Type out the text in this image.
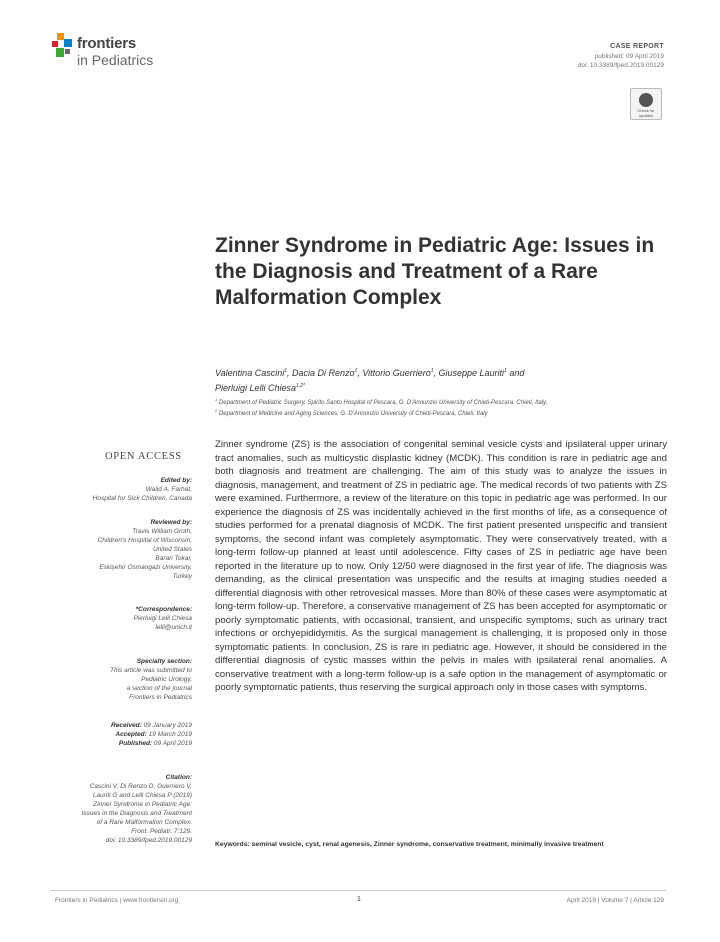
frontiers
in Pediatrics
CASE REPORT
published: 09 April 2019
doi: 10.3389/fped.2019.00129
Check for updates
Zinner Syndrome in Pediatric Age: Issues in the Diagnosis and Treatment of a Rare Malformation Complex
Valentina Cascini$^1$, Dacia Di Renzo$^1$, Vittorio Guerriero$^1$, Giuseppe Lauriti$^1$ and
Pierluigi Lelli Chiesa$^{1,2*}$
$^1$ Department of Pediatric Surgery, Spirito Santo Hospital of Pescara, G. D'Annunzio University of Chieti-Pescara, Chieti, Italy,
$^2$ Department of Medicine and Aging Sciences, G. D'Annunzio University of Chieti-Pescara, Chieti, Italy
OPEN ACCESS
Edited by:
Walid A. Farhat,
Hospital for Sick Children, Canada
Reviewed by:
Travis William Groth,
Children's Hospital of Wisconsin,
United States
Baran Tokar,
Eskişehir Osmangazi University,
Turkey
*Correspondence:
Pierluigi Lelli Chiesa
lelli@unich.it
Specialty section:
This article was submitted to
Pediatric Urology,
a section of the journal
Frontiers in Pediatrics
Received: 09 January 2019
Accepted: 19 March 2019
Published: 09 April 2019
Citation:
Cascini V, Di Renzo D, Guerriero V,
Lauriti G and Lelli Chiesa P (2019)
Zinner Syndrome in Pediatric Age:
Issues in the Diagnosis and Treatment
of a Rare Malformation Complex.
Front. Pediatr. 7:129.
doi: 10.3389/fped.2019.00129
Zinner syndrome (ZS) is the association of congenital seminal vesicle cysts and ipsilateral upper urinary tract anomalies, such as multicystic displastic kidney (MCDK). This condition is rare in pediatric age and both diagnosis and treatment are challenging. The aim of this study was to analyze the issues in diagnosis, management, and treatment of ZS in pediatric age. The medical records of two patients with ZS were examined. Furthermore, a review of the literature on this topic in pediatric age was performed. In our experience the diagnosis of ZS was incidentally achieved in the first months of life, as a consequence of studies performed for a prenatal diagnosis of MCDK. The first patient presented unspecific and transient symptoms, the second infant was completely asymptomatic. They were conservatively treated, with a long-term follow-up planned at least until adolescence. Fifty cases of ZS in pediatric age have been reported in the literature up to now. Only 12/50 were diagnosed in the first year of life. The diagnosis was demanding, as the clinical presentation was unspecific and the results at imaging studies needed a differential diagnosis with other retrovesical masses. More than 80% of these cases were asymptomatic at long-term follow-up. Therefore, a conservative management of ZS has been accepted for asymptomatic or poorly symptomatic patients, with occasional, transient, and unspecific symptoms, such as urinary tract infections or orchyepididymitis. As the surgical management is challenging, it is proposed only in those symptomatic patients. In conclusion, ZS is rare in pediatric age. However, it should be considered in the differential diagnosis of cystic masses within the pelvis in males with ipsilateral renal anomalies. A conservative treatment with a long-term follow-up is a safe option in the management of asymptomatic or poorly symptomatic patients, thus reserving the surgical approach only in those cases with symptoms.
Keywords: seminal vesicle, cyst, renal agenesis, Zinner syndrome, conservative treatment, minimally invasive treatment
Frontiers in Pediatrics | www.frontiersin.org	1	April 2019 | Volume 7 | Article 129
